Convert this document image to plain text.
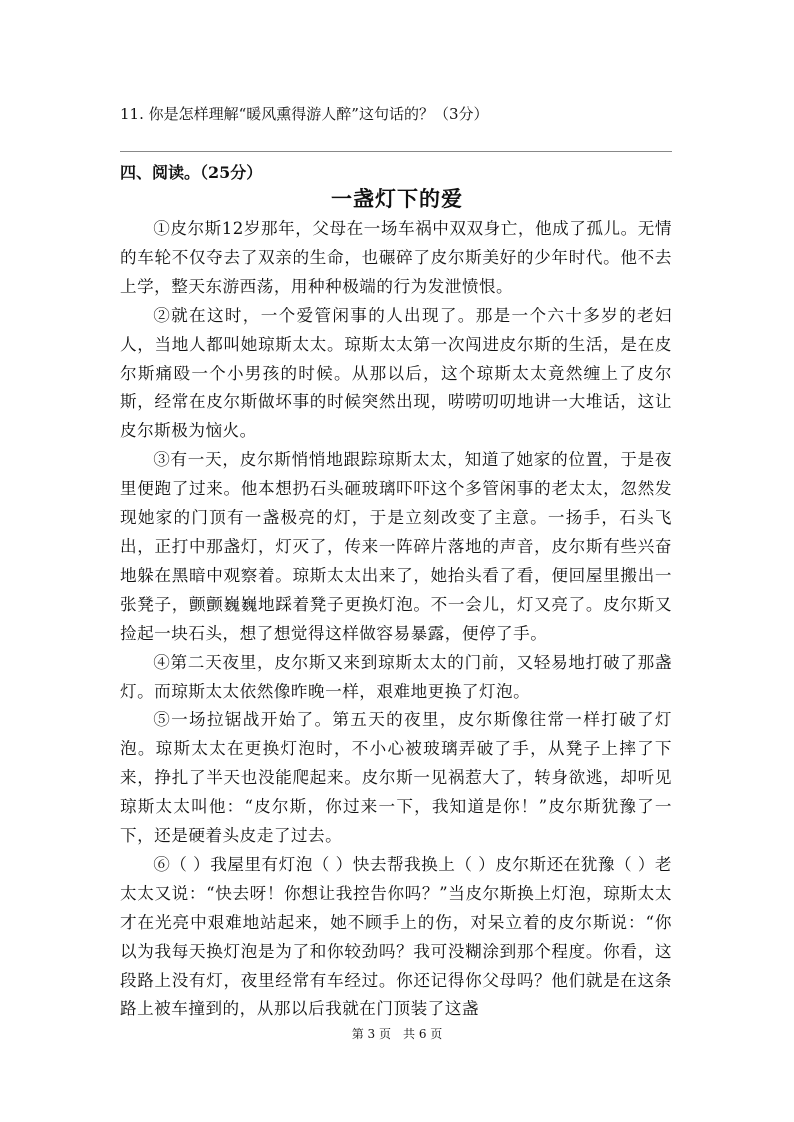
11. 你是怎样理解“暖风熏得游人醉”这句话的？（3分）
四、阅读。（25分）
一盏灯下的爱

①皮尔斯12岁那年，父母在一场车祸中双双身亡，他成了孤儿。无情的车轮不仅夺去了双亲的生命，也碾碎了皮尔斯美好的少年时代。他不去上学，整天东游西荡，用种种极端的行为发泄愤恨。

②就在这时，一个爱管闲事的人出现了。那是一个六十多岁的老妇人，当地人都叫她琼斯太太。琼斯太太第一次闯进皮尔斯的生活，是在皮尔斯痛殴一个小男孩的时候。从那以后，这个琼斯太太竟然缠上了皮尔斯，经常在皮尔斯做坏事的时候突然出现，唠唠叨叨地讲一大堆话，这让皮尔斯极为恼火。

③有一天，皮尔斯悄悄地跟踪琼斯太太，知道了她家的位置，于是夜里便跑了过来。他本想扔石头砸玻璃吓吓这个多管闲事的老太太，忽然发现她家的门顶有一盏极亮的灯，于是立刻改变了主意。一扬手，石头飞出，正打中那盏灯，灯灭了，传来一阵碎片落地的声音，皮尔斯有些兴奋地躲在黑暗中观察着。琼斯太太出来了，她抬头看了看，便回屋里搬出一张凳子，颤颤巍巍地踩着凳子更换灯泡。不一会儿，灯又亮了。皮尔斯又捡起一块石头，想了想觉得这样做容易暴露，便停了手。

④第二天夜里，皮尔斯又来到琼斯太太的门前，又轻易地打破了那盏灯。而琼斯太太依然像昨晚一样，艰难地更换了灯泡。

⑤一场拉锯战开始了。第五天的夜里，皮尔斯像往常一样打破了灯泡。琼斯太太在更换灯泡时，不小心被玻璃弄破了手，从凳子上摔了下来，挣扎了半天也没能爬起来。皮尔斯一见祸惹大了，转身欲逃，却听见琼斯太太叫他：“皮尔斯，你过来一下，我知道是你！”皮尔斯犹豫了一下，还是硬着头皮走了过去。

⑥（ ）我屋里有灯泡（ ）快去帮我换上（ ）皮尔斯还在犹豫（ ）老太太又说：“快去呀！你想让我控告你吗？”当皮尔斯换上灯泡，琼斯太太才在光亮中艰难地站起来，她不顾手上的伤，对呆立着的皮尔斯说：“你以为我每天换灯泡是为了和你较劲吗？我可没糊涂到那个程度。你看，这段路上没有灯，夜里经常有车经过。你还记得你父母吗？他们就是在这条路上被车撞到的，从那以后我就在门顶装了这盏

第 3 页　共 6 页
